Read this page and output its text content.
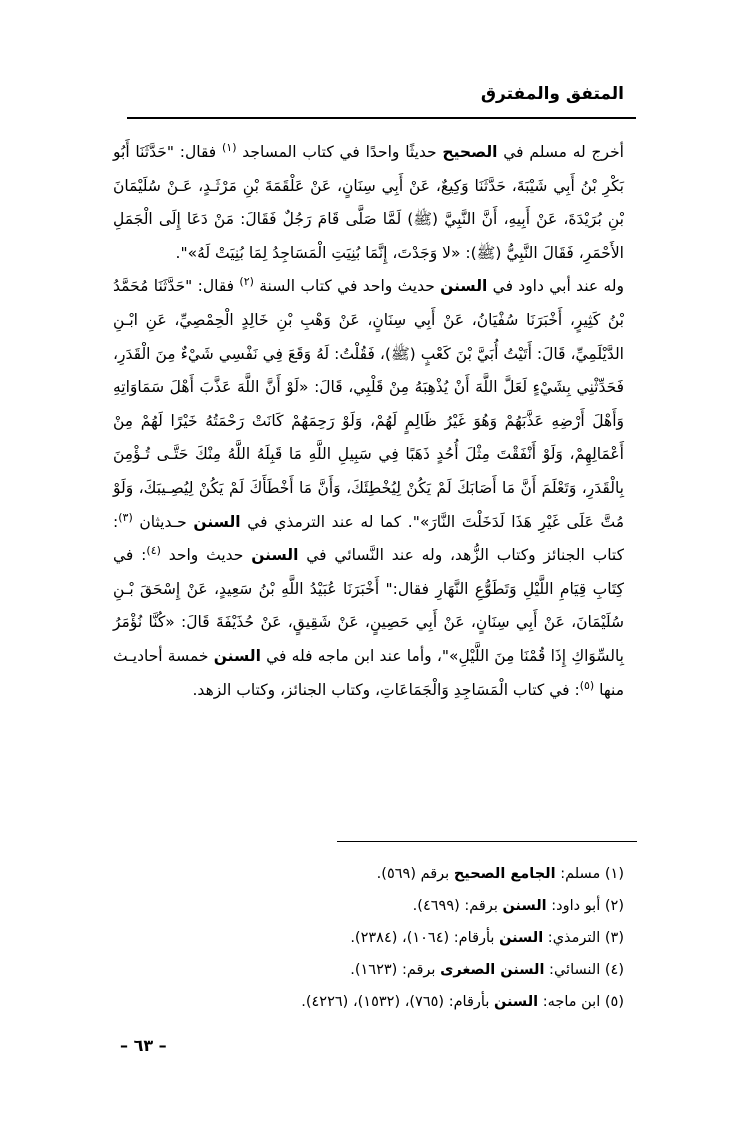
المتفق والمفترق

أخرج له مسلم في الصحيح حديثًا واحدًا في كتاب المساجد $^{(١)}$ فقال: "حَدَّثَنَا أَبُو بَكْرِ بْنُ أَبِي شَيْبَةَ، حَدَّثَنَا وَكِيعٌ، عَنْ أَبِي سِنَانٍ، عَنْ عَلْقَمَةَ بْنِ مَرْثَـدٍ، عَـنْ سُلَيْمَانَ بْنِ بُرَيْدَةَ، عَنْ أَبِيهِ، أَنَّ النَّبِيَّ (ﷺ) لَمَّا صَلَّى قَامَ رَجُلٌ فَقَالَ: مَنْ دَعَا إِلَى الْجَمَلِ الأَحْمَرِ، فَقَالَ النَّبِيُّ (ﷺ): «لا وَجَدْتَ، إِنَّمَا بُنِيَتِ الْمَسَاجِدُ لِمَا بُنِيَتْ لَهُ»".

وله عند أبي داود في السنن حديث واحد في كتاب السنة $^{(٢)}$ فقال: "حَدَّثَنَا مُحَمَّدُ بْنُ كَثِيرٍ، أَخْبَرَنَا سُفْيَانُ، عَنْ أَبِي سِنَانٍ، عَنْ وَهْبِ بْنِ خَالِدٍ الْحِمْصِيِّ، عَنِ ابْـنِ الدَّيْلَمِيِّ، قَالَ: أَتَيْتُ أُبَيَّ بْنَ كَعْبٍ (ﷺ)، فَقُلْتُ: لَهُ وَقَعَ فِي نَفْسِي شَيْءٌ مِنَ الْقَدَرِ، فَحَدِّثْنِي بِشَيْءٍ لَعَلَّ اللَّهَ أَنْ يُذْهِبَهُ مِنْ قَلْبِي، قَالَ: «لَوْ أَنَّ اللَّهَ عَذَّبَ أَهْلَ سَمَاوَاتِهِ وَأَهْلَ أَرْضِهِ عَذَّبَهُمْ وَهُوَ غَيْرُ ظَالِمٍ لَهُمْ، وَلَوْ رَحِمَهُمْ كَانَتْ رَحْمَتُهُ خَيْرًا لَهُمْ مِنْ أَعْمَالِهِمْ، وَلَوْ أَنْفَقْتَ مِثْلَ أُحُدٍ ذَهَبًا فِي سَبِيلِ اللَّهِ مَا قَبِلَهُ اللَّهُ مِنْكَ حَتَّـى تُـؤْمِنَ بِالْقَدَرِ، وَتَعْلَمَ أَنَّ مَا أَصَابَكَ لَمْ يَكُنْ لِيُخْطِئَكَ، وَأَنَّ مَا أَخْطَأَكَ لَمْ يَكُنْ لِيُصِـيبَكَ، وَلَوْ مُتَّ عَلَى غَيْرِ هَذَا لَدَخَلْتَ النَّارَ»". كما له عند الترمذي في السنن حـديثان $^{(٣)}$: كتاب الجنائز وكتاب الزُّهد، وله عند النَّسائي في السنن حديث واحد $^{(٤)}$: في كِتَابِ قِيَامِ اللَّيْلِ وَتَطَوُّعِ النَّهَارِ فقال:" أَخْبَرَنَا عُبَيْدُ اللَّهِ بْنُ سَعِيدٍ، عَنْ إِسْحَقَ بْـنِ سُلَيْمَانَ، عَنْ أَبِي سِنَانٍ، عَنْ أَبِي حَصِينٍ، عَنْ شَقِيقٍ، عَنْ حُذَيْفَةَ قَالَ: «كُنَّا نُؤْمَرُ بِالسِّوَاكِ إِذَا قُمْنَا مِنَ اللَّيْلِ»"، وأما عند ابن ماجه فله في السنن خمسة أحاديـث منها $^{(٥)}$: في كتاب الْمَسَاجِدِ وَالْجَمَاعَاتِ، وكتاب الجنائز، وكتاب الزهد.

(١) مسلم: الجامع الصحيح برقم (٥٦٩).

(٢) أبو داود: السنن برقم: (٤٦٩٩).

(٣) الترمذي: السنن بأرقام: (١٠٦٤)، (٢٣٨٤).

(٤) النسائي: السنن الصغرى برقم: (١٦٢٣).

(٥) ابن ماجه: السنن بأرقام: (٧٦٥)، (١٥٣٢)، (٤٢٢٦).

– ٦٣ –
